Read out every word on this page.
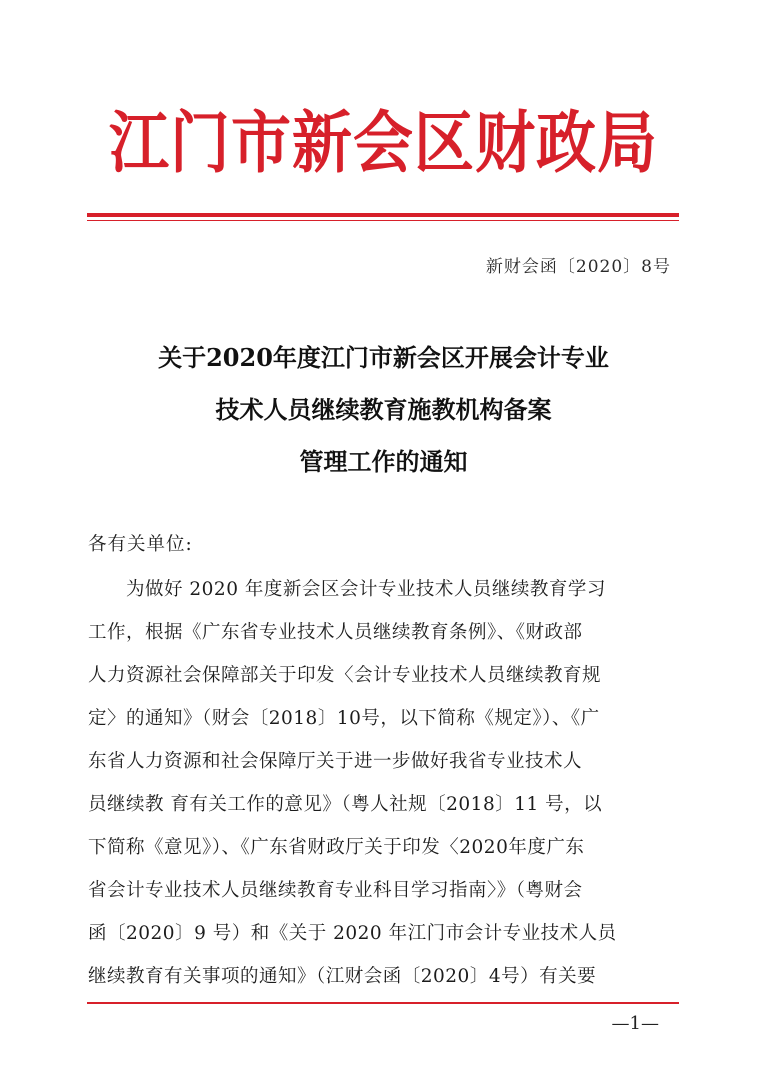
江门市新会区财政局
新财会函〔2020〕8号
关于2020年度江门市新会区开展会计专业
技术人员继续教育施教机构备案
管理工作的通知
各有关单位:
为做好 2020 年度新会区会计专业技术人员继续教育学习
工作，根据《广东省专业技术人员继续教育条例》、《财政部
人力资源社会保障部关于印发〈会计专业技术人员继续教育规
定〉的通知》（财会〔2018〕10号，以下简称《规定》）、《广
东省人力资源和社会保障厅关于进一步做好我省专业技术人
员继续教 育有关工作的意见》（粤人社规〔2018〕11 号，以
下简称《意见》）、《广东省财政厅关于印发〈2020年度广东
省会计专业技术人员继续教育专业科目学习指南〉》（粤财会
函〔2020〕9 号）和《关于 2020 年江门市会计专业技术人员
继续教育有关事项的通知》（江财会函〔2020〕4号）有关要
—1—
